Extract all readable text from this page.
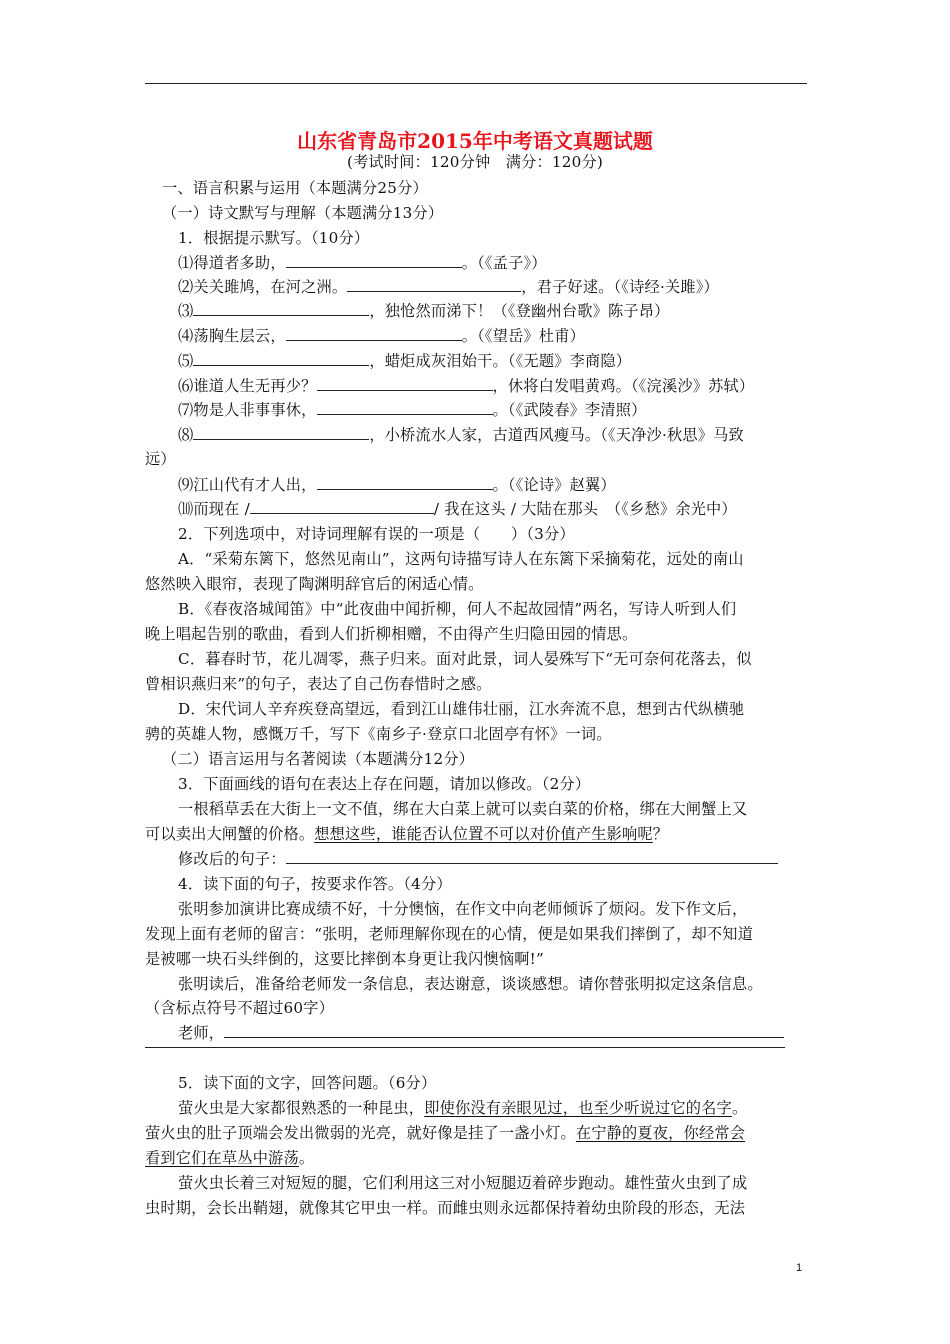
山东省青岛市2015年中考语文真题试题
(考试时间：120分钟　满分：120分)
一、语言积累与运用（本题满分25分）
（一）诗文默写与理解（本题满分13分）
1．根据提示默写。（10分）
⑴得道者多助，	。（《孟子》）
⑵关关雎鸠，在河之洲。	，君子好逑。（《诗经·关雎》）
⑶	，独怆然而涕下！（《登幽州台歌》陈子昂）
⑷荡胸生层云，	。（《望岳》杜甫）
⑸	，蜡炬成灰泪始干。（《无题》李商隐）
⑹谁道人生无再少？	，休将白发唱黄鸡。（《浣溪沙》苏轼）
⑺物是人非事事休，	。（《武陵春》李清照）
⑻	，小桥流水人家，古道西风瘦马。（《天净沙·秋思》马致
远）
⑼江山代有才人出，	。（《论诗》赵翼）
⑽而现在 /	/ 我在这头 / 大陆在那头　（《乡愁》余光中）
2．下列选项中，对诗词理解有误的一项是（　　）（3分）
A．“采菊东篱下，悠然见南山”，这两句诗描写诗人在东篱下采摘菊花，远处的南山
悠然映入眼帘，表现了陶渊明辞官后的闲适心情。
B．《春夜洛城闻笛》中“此夜曲中闻折柳，何人不起故园情”两名，写诗人听到人们
晚上唱起告别的歌曲，看到人们折柳相赠，不由得产生归隐田园的情思。
C．暮春时节，花儿凋零，燕子归来。面对此景，词人晏殊写下“无可奈何花落去，似
曾相识燕归来”的句子，表达了自己伤春惜时之感。
D．宋代词人辛弃疾登高望远，看到江山雄伟壮丽，江水奔流不息，想到古代纵横驰
骋的英雄人物，感慨万千，写下《南乡子·登京口北固亭有怀》一词。
（二）语言运用与名著阅读（本题满分12分）
3．下面画线的语句在表达上存在问题，请加以修改。（2分）
一根稻草丢在大街上一文不值，绑在大白菜上就可以卖白菜的价格，绑在大闸蟹上又
可以卖出大闸蟹的价格。想想这些，谁能否认位置不可以对价值产生影响呢？
修改后的句子：
4．读下面的句子，按要求作答。（4分）
张明参加演讲比赛成绩不好，十分懊恼，在作文中向老师倾诉了烦闷。发下作文后，
发现上面有老师的留言：“张明，老师理解你现在的心情，便是如果我们摔倒了，却不知道
是被哪一块石头绊倒的，这要比摔倒本身更让我闪懊恼啊!”
张明读后，准备给老师发一条信息，表达谢意，谈谈感想。请你替张明拟定这条信息。
（含标点符号不超过60字）
老师，
5．读下面的文字，回答问题。（6分）
萤火虫是大家都很熟悉的一种昆虫，即使你没有亲眼见过，也至少听说过它的名字。
萤火虫的肚子顶端会发出微弱的光亮，就好像是挂了一盏小灯。在宁静的夏夜，你经常会
看到它们在草丛中游荡。
萤火虫长着三对短短的腿，它们利用这三对小短腿迈着碎步跑动。雄性萤火虫到了成
虫时期，会长出鞘翅，就像其它甲虫一样。而雌虫则永远都保持着幼虫阶段的形态，无法
1
